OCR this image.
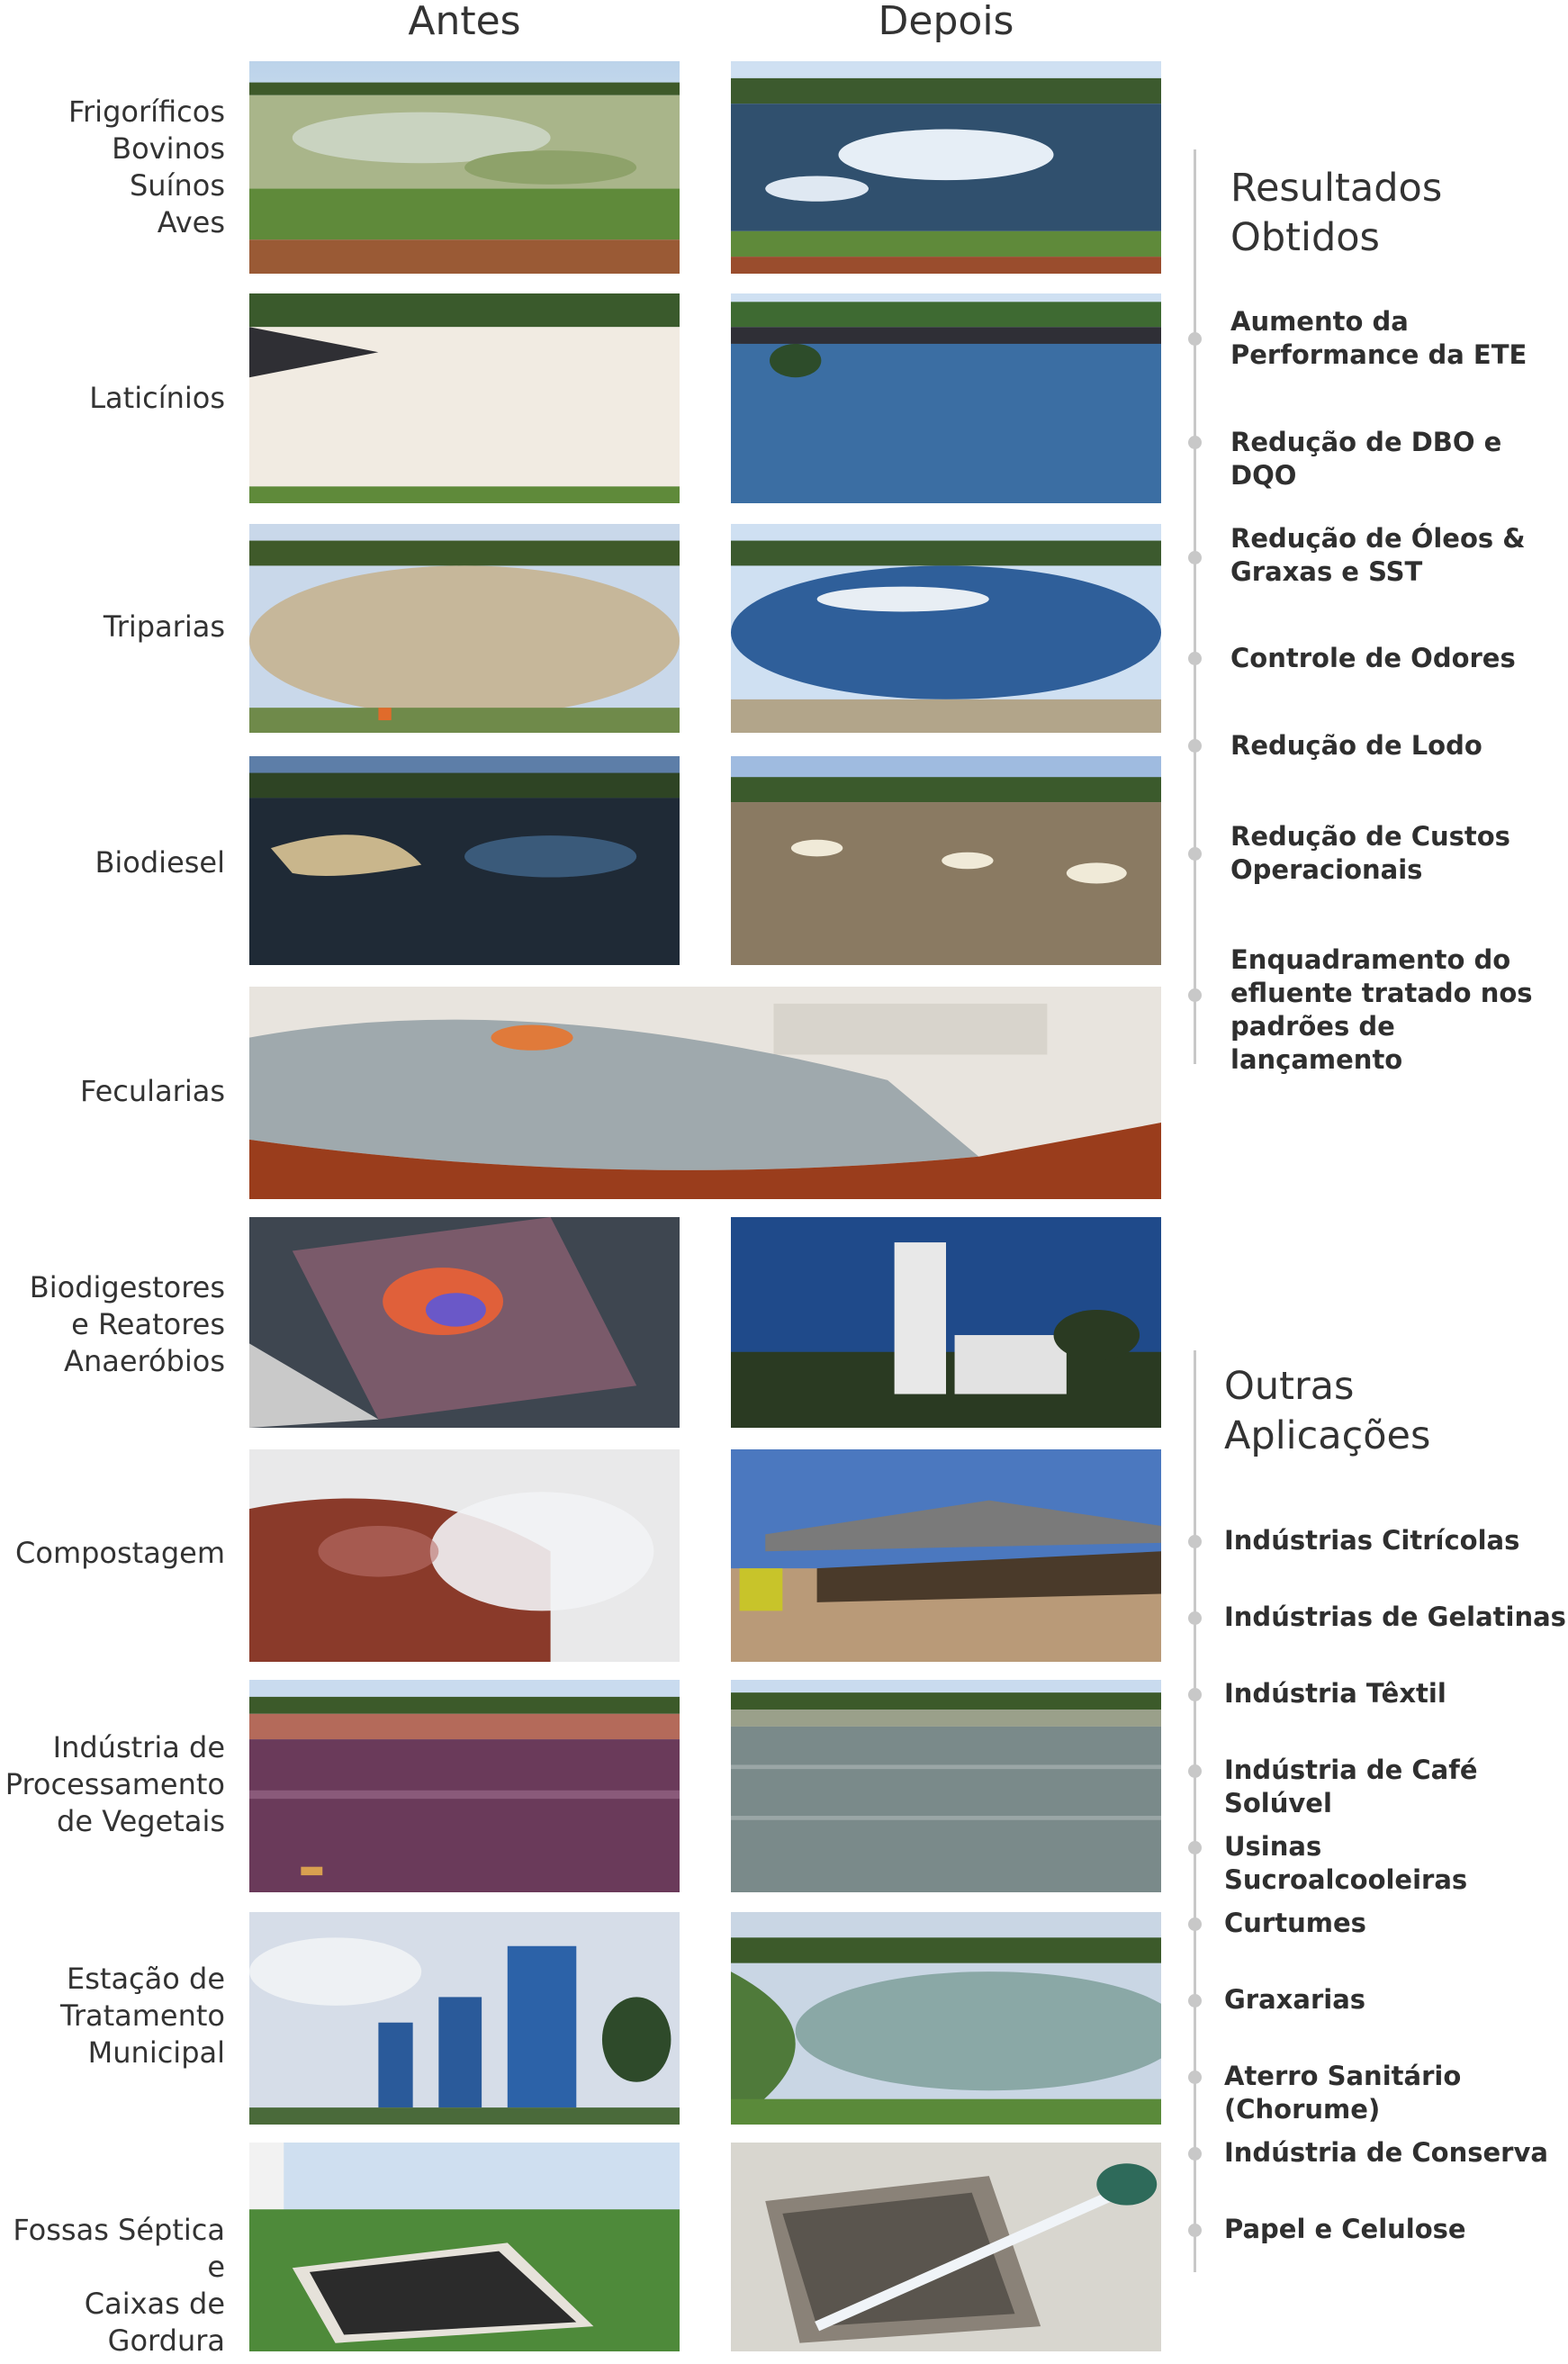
Antes	Depois
Frigoríficos
Bovinos
Suínos
Aves
Laticínios
Triparias
Biodiesel
Fecularias
Biodigestores
e Reatores
Anaeróbios
Compostagem
Indústria de
Processamento
de Vegetais
Estação de
Tratamento
Municipal
Fossas Séptica e
Caixas de Gordura
Resultados
Obtidos
Aumento da
Performance da ETE
Redução de DBO e DQO
Redução de Óleos &
Graxas e SST
Controle de Odores
Redução de Lodo
Redução de Custos
Operacionais
Enquadramento do
efluente tratado nos
padrões de lançamento
Outras
Aplicações
Indústrias Citrícolas
Indústrias de Gelatinas
Indústria Têxtil
Indústria de Café Solúvel
Usinas Sucroalcooleiras
Curtumes
Graxarias
Aterro Sanitário (Chorume)
Indústria de Conserva
Papel e Celulose
